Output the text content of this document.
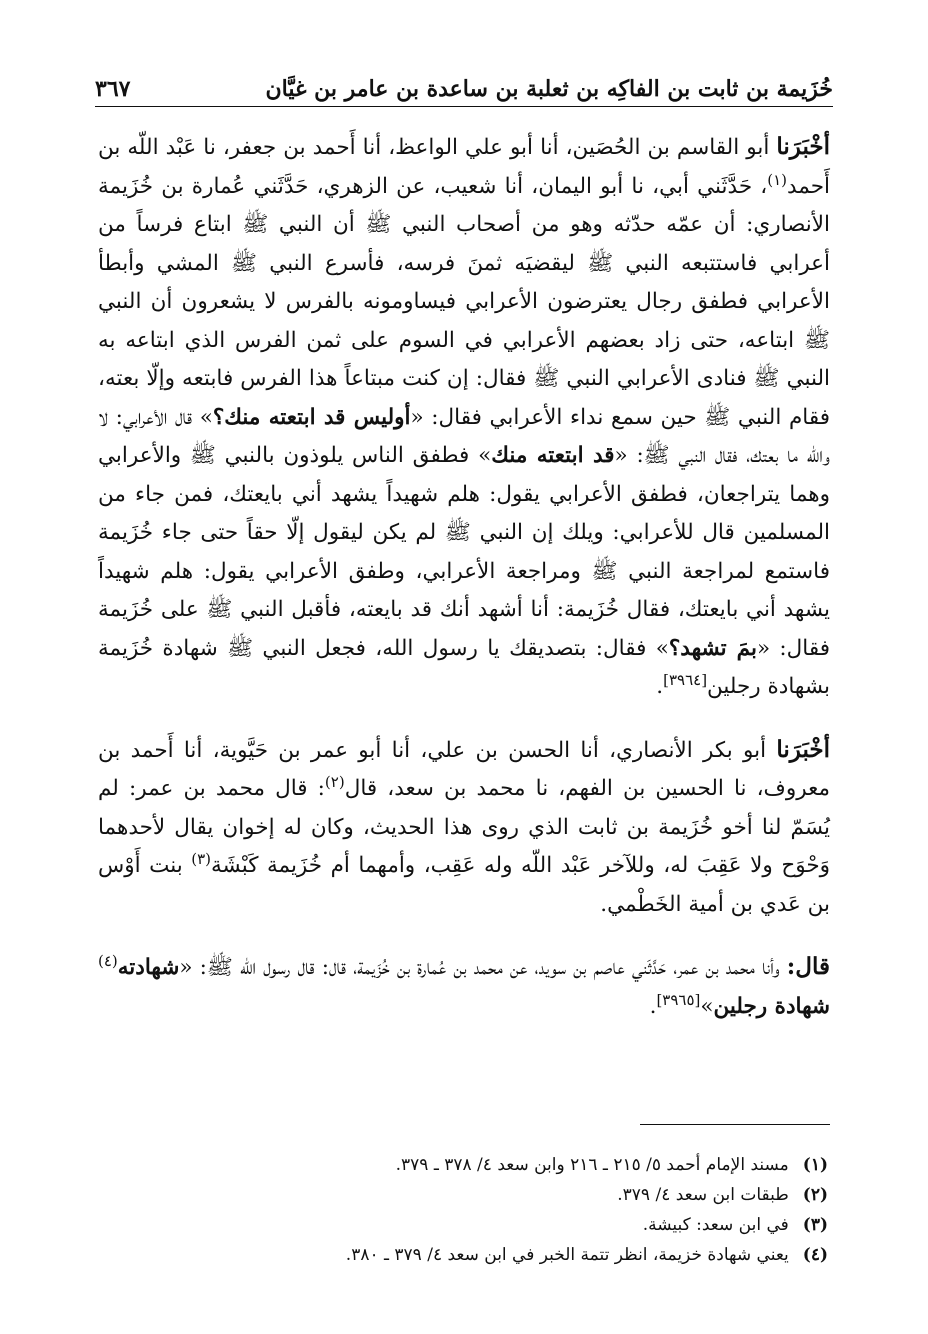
خُزَيمة بن ثابت بن الفاكِه بن ثعلبة بن ساعدة بن عامر بن غيَّان
٣٦٧

أخْبَرَنا أبو القاسم بن الحُصَين، أنا أبو علي الواعظ، أنا أَحمد بن جعفر، نا عَبْد اللّه بن أَحمد$^{(١)}$، حَدَّثَني أبي، نا أبو اليمان، أنا شعيب، عن الزهري، حَدَّثَني عُمارة بن خُزَيمة الأنصاري: أن عمّه حدّثه وهو من أصحاب النبي ﷺ أن النبي ﷺ ابتاع فرساً من أعرابي فاستتبعه النبي ﷺ ليقضيَه ثمنَ فرسه، فأسرع النبي ﷺ المشي وأبطأ الأعرابي فطفق رجال يعترضون الأعرابي فيساومونه بالفرس لا يشعرون أن النبي ﷺ ابتاعه، حتى زاد بعضهم الأعرابي في السوم على ثمن الفرس الذي ابتاعه به النبي ﷺ فنادى الأعرابي النبي ﷺ فقال: إن كنت مبتاعاً هذا الفرس فابتعه وإلّا بعته، فقام النبي ﷺ حين سمع نداء الأعرابي فقال: «أوليس قد ابتعته منك؟» قال الأعرابي: لا والله ما بعتك، فقال النبي ﷺ: «قد ابتعته منك» فطفق الناس يلوذون بالنبي ﷺ والأعرابي وهما يتراجعان، فطفق الأعرابي يقول: هلم شهيداً يشهد أني بايعتك، فمن جاء من المسلمين قال للأعرابي: ويلك إن النبي ﷺ لم يكن ليقول إلّا حقاً حتى جاء خُزَيمة فاستمع لمراجعة النبي ﷺ ومراجعة الأعرابي، وطفق الأعرابي يقول: هلم شهيداً يشهد أني بايعتك، فقال خُزَيمة: أنا أشهد أنك قد بايعته، فأقبل النبي ﷺ على خُزَيمة فقال: «بمَ تشهد؟» فقال: بتصديقك يا رسول الله، فجعل النبي ﷺ شهادة خُزَيمة بشهادة رجلين[٣٩٦٤].

أخْبَرَنا أبو بكر الأنصاري، أنا الحسن بن علي، أنا أبو عمر بن حَيَّوية، أنا أَحمد بن معروف، نا الحسين بن الفهم، نا محمد بن سعد، قال$^{(٢)}$: قال محمد بن عمر: لم يُسَمّ لنا أخو خُزَيمة بن ثابت الذي روى هذا الحديث، وكان له إخوان يقال لأحدهما وَحْوَح ولا عَقِبَ له، وللآخر عَبْد اللّه وله عَقِب، وأمهما أم خُزَيمة كَبْشَة$^{(٣)}$ بنت أَوْس بن عَدي بن أمية الخَطْمي.

قال: وأنا محمد بن عمر، حَدَّثَني عاصم بن سويد، عن محمد بن عُمارة بن خُزَيمة، قال: قال رسول الله ﷺ: «شهادته$^{(٤)}$ شهادة رجلين»[٣٩٦٥].

(١)
مسند الإمام أحمد ٥/ ٢١٥ ـ ٢١٦ وابن سعد ٤/ ٣٧٨ ـ ٣٧٩.
(٢)
طبقات ابن سعد ٤/ ٣٧٩.
(٣)
في ابن سعد: كبيشة.
(٤)
يعني شهادة خزيمة، انظر تتمة الخبر في ابن سعد ٤/ ٣٧٩ ـ ٣٨٠.
